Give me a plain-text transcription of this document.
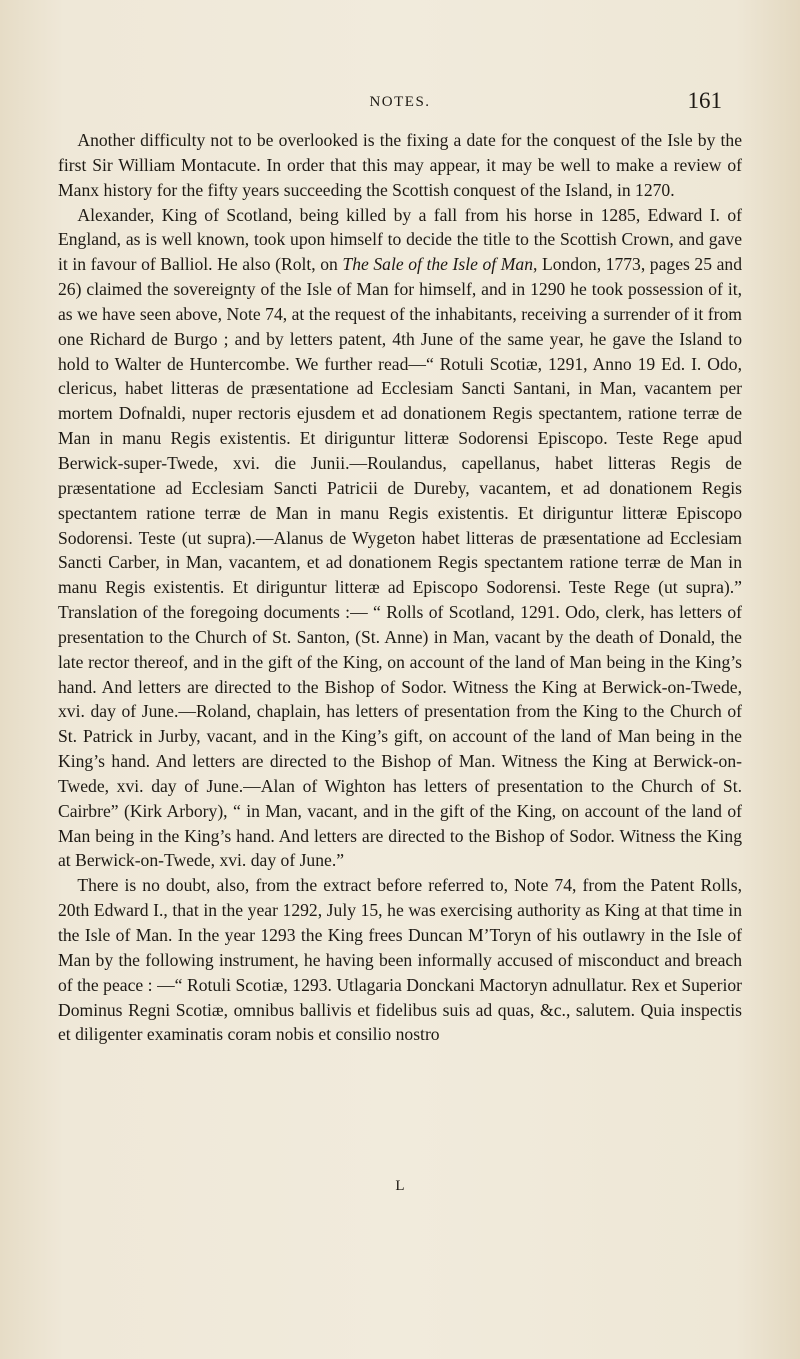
NOTES.	161

Another difficulty not to be overlooked is the fixing a date for the conquest of the Isle by the first Sir William Montacute. In order that this may appear, it may be well to make a review of Manx history for the fifty years succeeding the Scottish conquest of the Island, in 1270.

Alexander, King of Scotland, being killed by a fall from his horse in 1285, Edward I. of England, as is well known, took upon himself to decide the title to the Scottish Crown, and gave it in favour of Balliol. He also (Rolt, on The Sale of the Isle of Man, London, 1773, pages 25 and 26) claimed the sovereignty of the Isle of Man for himself, and in 1290 he took possession of it, as we have seen above, Note 74, at the request of the inhabitants, receiving a surrender of it from one Richard de Burgo ; and by letters patent, 4th June of the same year, he gave the Island to hold to Walter de Huntercombe. We further read—“ Rotuli Scotiæ, 1291, Anno 19 Ed. I. Odo, clericus, habet litteras de præsentatione ad Ecclesiam Sancti Santani, in Man, vacantem per mortem Dofnaldi, nuper rectoris ejusdem et ad donationem Regis spectantem, ratione terræ de Man in manu Regis existentis. Et diriguntur litteræ Sodorensi Episcopo. Teste Rege apud Berwick-super-Twede, xvi. die Junii.—Roulandus, capellanus, habet litteras Regis de præsentatione ad Ecclesiam Sancti Patricii de Dureby, vacantem, et ad donationem Regis spectantem ratione terræ de Man in manu Regis existentis. Et diriguntur litteræ Episcopo Sodorensi. Teste (ut supra).—Alanus de Wygeton habet litteras de præsentatione ad Ecclesiam Sancti Carber, in Man, vacantem, et ad donationem Regis spectantem ratione terræ de Man in manu Regis existentis. Et diriguntur litteræ ad Episcopo Sodorensi. Teste Rege (ut supra).” Translation of the foregoing documents :— “ Rolls of Scotland, 1291. Odo, clerk, has letters of presentation to the Church of St. Santon, (St. Anne) in Man, vacant by the death of Donald, the late rector thereof, and in the gift of the King, on account of the land of Man being in the King’s hand. And letters are directed to the Bishop of Sodor. Witness the King at Berwick-on-Twede, xvi. day of June.—Roland, chaplain, has letters of presentation from the King to the Church of St. Patrick in Jurby, vacant, and in the King’s gift, on account of the land of Man being in the King’s hand. And letters are directed to the Bishop of Man. Witness the King at Berwick-on-Twede, xvi. day of June.—Alan of Wighton has letters of presentation to the Church of St. Cairbre” (Kirk Arbory), “ in Man, vacant, and in the gift of the King, on account of the land of Man being in the King’s hand. And letters are directed to the Bishop of Sodor. Witness the King at Berwick-on-Twede, xvi. day of June.”

There is no doubt, also, from the extract before referred to, Note 74, from the Patent Rolls, 20th Edward I., that in the year 1292, July 15, he was exercising authority as King at that time in the Isle of Man. In the year 1293 the King frees Duncan M’Toryn of his outlawry in the Isle of Man by the following instrument, he having been informally accused of misconduct and breach of the peace : —“ Rotuli Scotiæ, 1293. Utlagaria Donckani Mactoryn adnullatur. Rex et Superior Dominus Regni Scotiæ, omnibus ballivis et fidelibus suis ad quas, &c., salutem. Quia inspectis et diligenter examinatis coram nobis et consilio nostro

L
